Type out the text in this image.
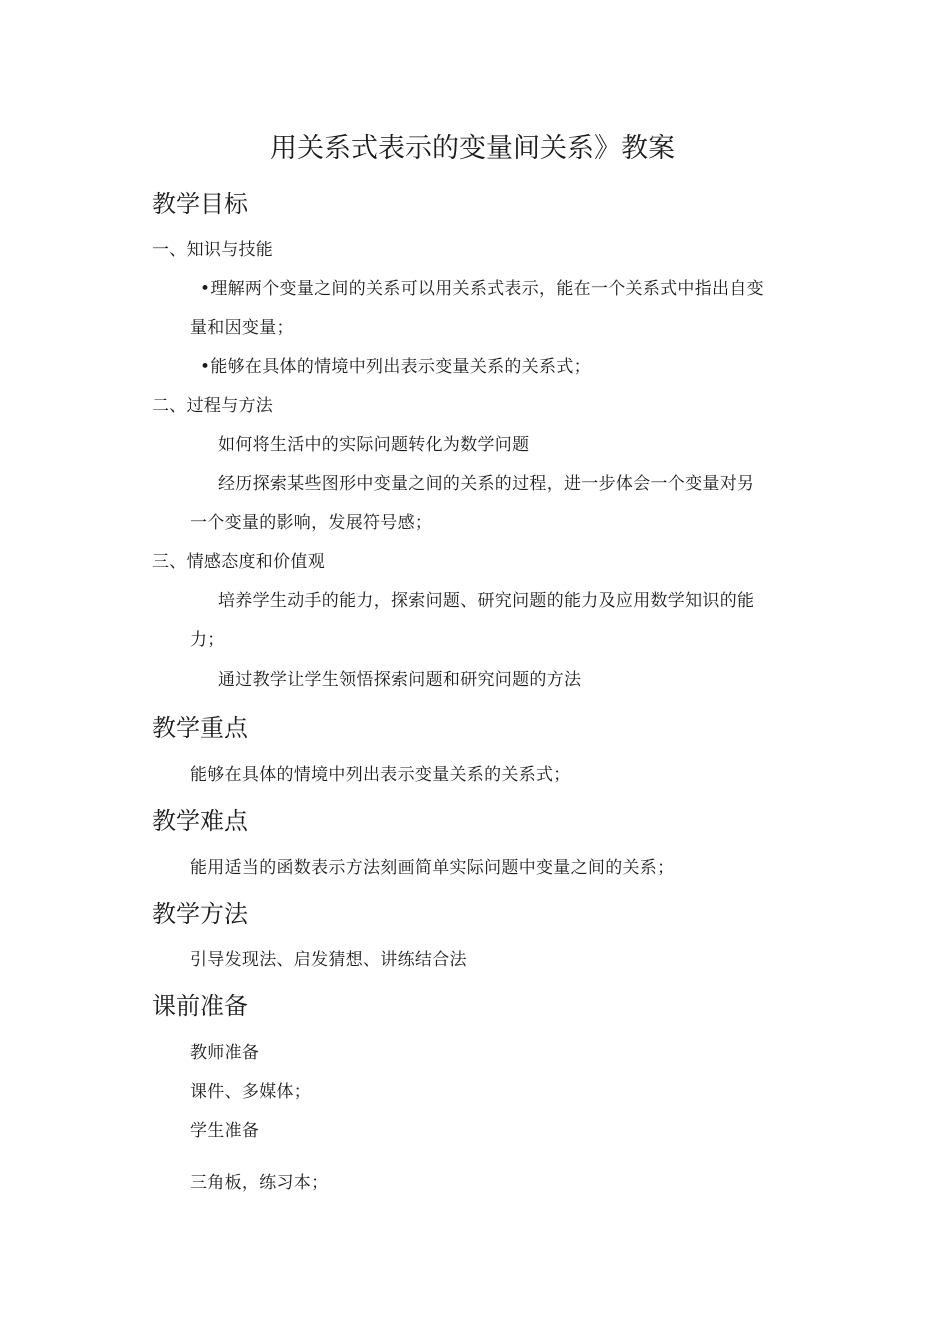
用关系式表示的变量间关系》教案
教学目标
一、知识与技能
•理解两个变量之间的关系可以用关系式表示，能在一个关系式中指出自变
量和因变量；
•能够在具体的情境中列出表示变量关系的关系式；
二、过程与方法
如何将生活中的实际问题转化为数学问题
经历探索某些图形中变量之间的关系的过程，进一步体会一个变量对另
一个变量的影响，发展符号感；
三、情感态度和价值观
培养学生动手的能力，探索问题、研究问题的能力及应用数学知识的能
力；
通过教学让学生领悟探索问题和研究问题的方法
教学重点
能够在具体的情境中列出表示变量关系的关系式；
教学难点
能用适当的函数表示方法刻画简单实际问题中变量之间的关系；
教学方法
引导发现法、启发猜想、讲练结合法
课前准备
教师准备
课件、多媒体；
学生准备
三角板，练习本；
